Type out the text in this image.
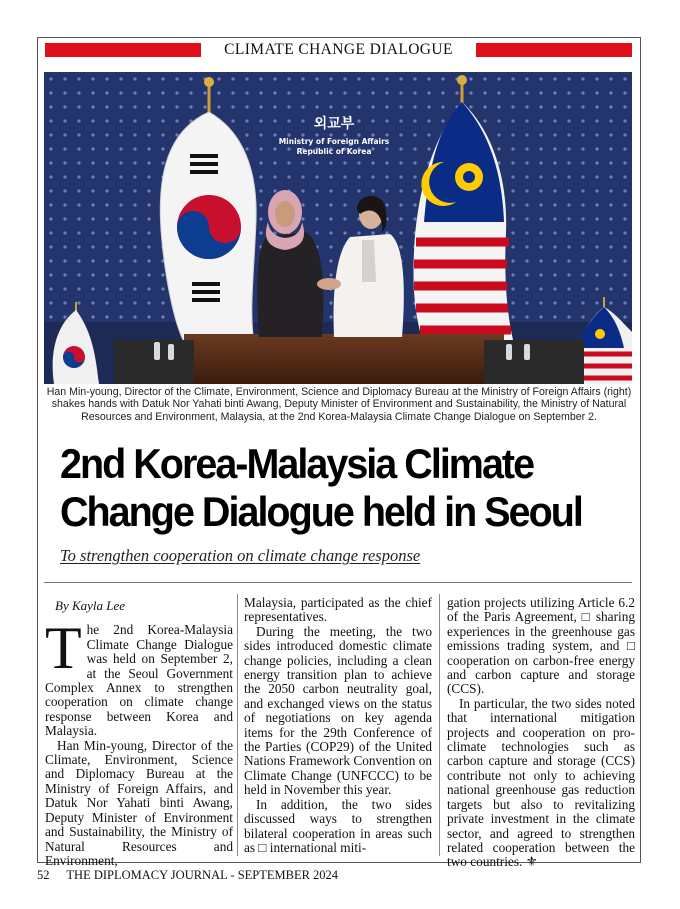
CLIMATE CHANGE DIALOGUE
외교부
Ministry of Foreign Affairs
Republic of Korea
Han Min-young, Director of the Climate, Environment, Science and Diplomacy Bureau at the Ministry of Foreign Affairs (right) shakes hands with Datuk Nor Yahati binti Awang, Deputy Minister of Environment and Sustainability, the Ministry of Natural Resources and Environment, Malaysia, at the 2nd Korea-Malaysia Climate Change Dialogue on September 2.
2nd Korea-Malaysia Climate
Change Dialogue held in Seoul
To strengthen cooperation on climate change response

By Kayla Lee

The 2nd Korea-Malaysia Climate Change Dialogue was held on September 2, at the Seoul Government Complex Annex to strengthen cooperation on climate change response between Korea and Malaysia.

Han Min-young, Director of the Climate, Environment, Science and Diplomacy Bureau at the Ministry of Foreign Affairs, and Datuk Nor Yahati binti Awang, Deputy Minister of Environment and Sustainability, the Ministry of Natural Resources and Environment,

Malaysia, participated as the chief representatives.

During the meeting, the two sides introduced domestic climate change policies, including a clean energy transition plan to achieve the 2050 carbon neutrality goal, and exchanged views on the status of negotiations on key agenda items for the 29th Conference of the Parties (COP29) of the United Nations Framework Convention on Climate Change (UNFCCC) to be held in November this year.

In addition, the two sides discussed ways to strengthen bilateral cooperation in areas such as □ international miti-

gation projects utilizing Article 6.2 of the Paris Agreement, □ sharing experiences in the greenhouse gas emissions trading system, and □ cooperation on carbon-free energy and carbon capture and storage (CCS).

In particular, the two sides noted that international mitigation projects and cooperation on pro-climate technologies such as carbon capture and storage (CCS) contribute not only to achieving national greenhouse gas reduction targets but also to revitalizing private investment in the climate sector, and agreed to strengthen related cooperation between the two countries. ⚜

52 THE DIPLOMACY JOURNAL - SEPTEMBER 2024
